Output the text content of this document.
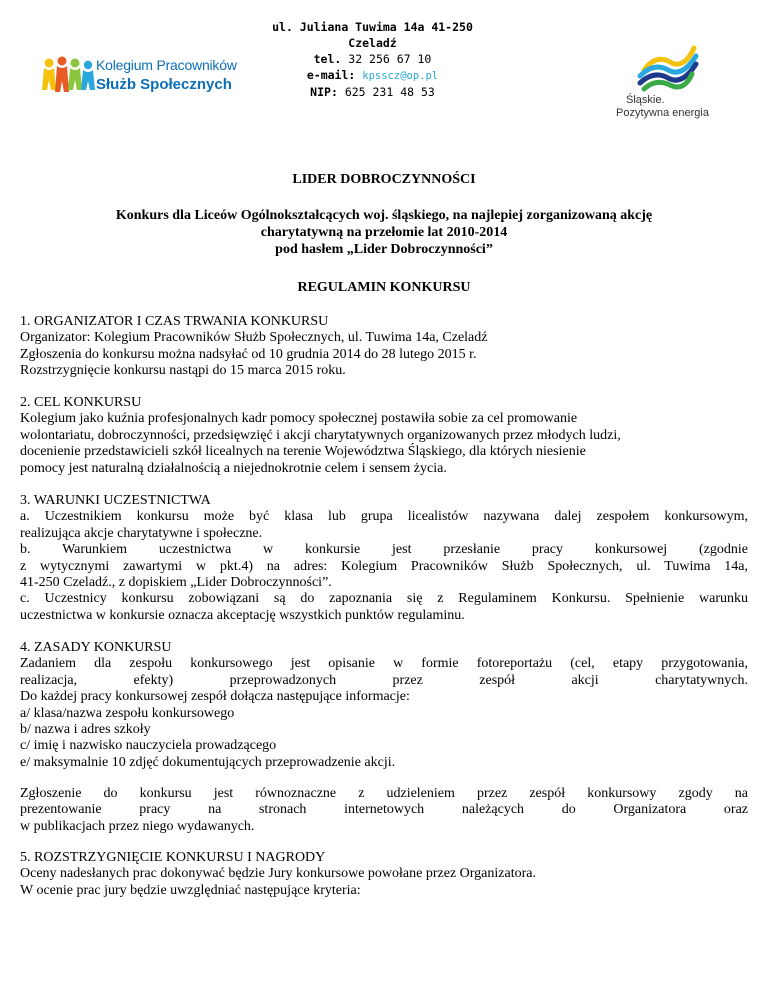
Kolegium Pracowników
Służb Społecznych
ul. Juliana Tuwima 14a 41-250 Czeladź
tel. 32 256 67 10
e-mail: kpsscz@op.pl
NIP: 625 231 48 53
Śląskie.
Pozytywna energia
LIDER DOBROCZYNNOŚCI
Konkurs dla Liceów Ogólnokształcących woj. śląskiego, na najlepiej zorganizowaną akcję
charytatywną na przełomie lat 2010-2014
pod hasłem „Lider Dobroczynności”
REGULAMIN KONKURSU

1. ORGANIZATOR I CZAS TRWANIA KONKURSU

Organizator: Kolegium Pracowników Służb Społecznych, ul. Tuwima 14a, Czeladź

Zgłoszenia do konkursu można nadsyłać od 10 grudnia 2014 do 28 lutego 2015 r.

Rozstrzygnięcie konkursu nastąpi do 15 marca 2015 roku.

2. CEL KONKURSU

Kolegium jako kuźnia profesjonalnych kadr pomocy społecznej postawiła sobie za cel promowanie

wolontariatu, dobroczynności, przedsięwzięć i akcji charytatywnych organizowanych przez młodych ludzi,

docenienie przedstawicieli szkół licealnych na terenie Województwa Śląskiego, dla których niesienie

pomocy jest naturalną działalnością a niejednokrotnie celem i sensem życia.

3. WARUNKI UCZESTNICTWA

a. Uczestnikiem konkursu może być klasa lub grupa licealistów nazywana dalej zespołem konkursowym,

realizująca akcje charytatywne i społeczne.

b. Warunkiem uczestnictwa w konkursie jest przesłanie pracy konkursowej (zgodnie

z wytycznymi zawartymi w pkt.4) na adres: Kolegium Pracowników Służb Społecznych, ul. Tuwima 14a,

41-250 Czeladź., z dopiskiem „Lider Dobroczynności”.

c. Uczestnicy konkursu zobowiązani są do zapoznania się z Regulaminem Konkursu. Spełnienie warunku

uczestnictwa w konkursie oznacza akceptację wszystkich punktów regulaminu.

4. ZASADY KONKURSU

Zadaniem dla zespołu konkursowego jest opisanie w formie fotoreportażu (cel, etapy przygotowania,

realizacja, efekty) przeprowadzonych przez zespół akcji charytatywnych.

Do każdej pracy konkursowej zespół dołącza następujące informacje:

a/ klasa/nazwa zespołu konkursowego

b/ nazwa i adres szkoły

c/ imię i nazwisko nauczyciela prowadzącego

e/ maksymalnie 10 zdjęć dokumentujących przeprowadzenie akcji.

Zgłoszenie do konkursu jest równoznaczne z udzieleniem przez zespół konkursowy zgody na

prezentowanie pracy na stronach internetowych należących do Organizatora oraz

w publikacjach przez niego wydawanych.

5. ROZSTRZYGNIĘCIE KONKURSU I NAGRODY

Oceny nadesłanych prac dokonywać będzie Jury konkursowe powołane przez Organizatora.

W ocenie prac jury będzie uwzględniać następujące kryteria:
